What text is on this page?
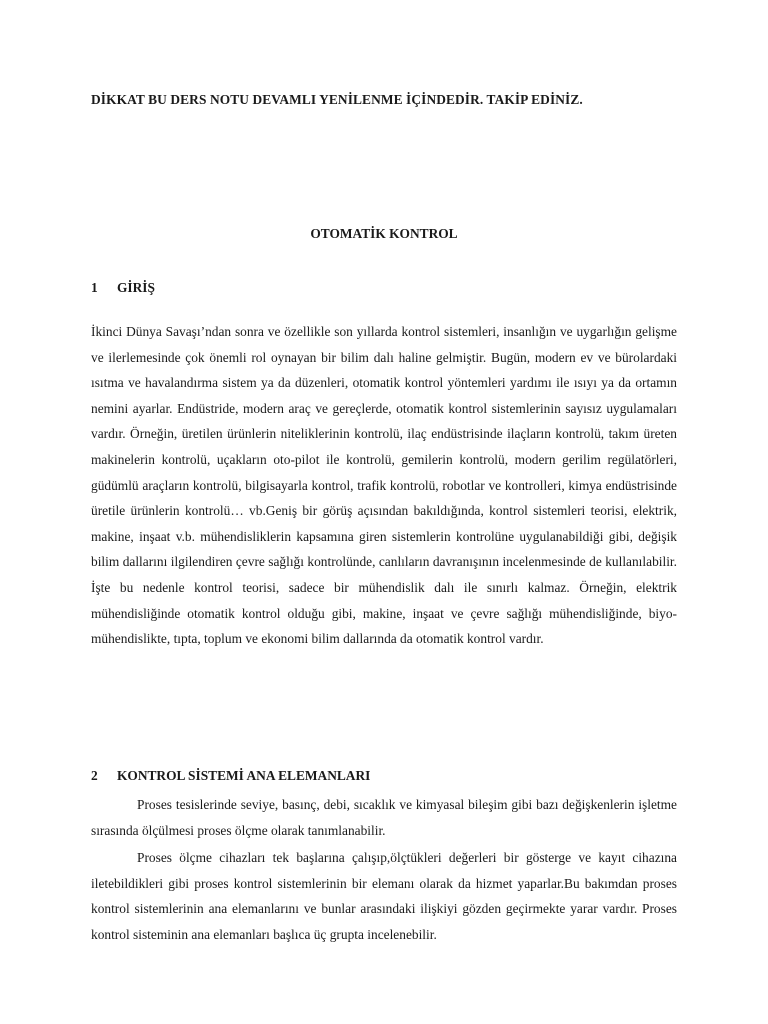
DİKKAT BU DERS NOTU DEVAMLI YENİLENME İÇİNDEDİR. TAKİP EDİNİZ.
OTOMATİK KONTROL
1 GİRİŞ

İkinci Dünya Savaşı’ndan sonra ve özellikle son yıllarda kontrol sistemleri, insanlığın ve uygarlığın gelişme ve ilerlemesinde çok önemli rol oynayan bir bilim dalı haline gelmiştir. Bugün, modern ev ve bürolardaki ısıtma ve havalandırma sistem ya da düzenleri, otomatik kontrol yöntemleri yardımı ile ısıyı ya da ortamın nemini ayarlar. Endüstride, modern araç ve gereçlerde, otomatik kontrol sistemlerinin sayısız uygulamaları vardır. Örneğin, üretilen ürünlerin niteliklerinin kontrolü, ilaç endüstrisinde ilaçların kontrolü, takım üreten makinelerin kontrolü, uçakların oto-pilot ile kontrolü, gemilerin kontrolü, modern gerilim regülatörleri, güdümlü araçların kontrolü, bilgisayarla kontrol, trafik kontrolü, robotlar ve kontrolleri, kimya endüstrisinde üretile ürünlerin kontrolü… vb.Geniş bir görüş açısından bakıldığında, kontrol sistemleri teorisi, elektrik, makine, inşaat v.b. mühendisliklerin kapsamına giren sistemlerin kontrolüne uygulanabildiği gibi, değişik bilim dallarını ilgilendiren çevre sağlığı kontrolünde, canlıların davranışının incelenmesinde de kullanılabilir. İşte bu nedenle kontrol teorisi, sadece bir mühendislik dalı ile sınırlı kalmaz. Örneğin, elektrik mühendisliğinde otomatik kontrol olduğu gibi, makine, inşaat ve çevre sağlığı mühendisliğinde, biyo-mühendislikte, tıpta, toplum ve ekonomi bilim dallarında da otomatik kontrol vardır.

2 KONTROL SİSTEMİ ANA ELEMANLARI

Proses tesislerinde seviye, basınç, debi, sıcaklık ve kimyasal bileşim gibi bazı değişkenlerin işletme sırasında ölçülmesi proses ölçme olarak tanımlanabilir.

Proses ölçme cihazları tek başlarına çalışıp,ölçtükleri değerleri bir gösterge ve kayıt cihazına iletebildikleri gibi proses kontrol sistemlerinin bir elemanı olarak da hizmet yaparlar.Bu bakımdan proses kontrol sistemlerinin ana elemanlarını ve bunlar arasındaki ilişkiyi gözden geçirmekte yarar vardır. Proses kontrol sisteminin ana elemanları başlıca üç grupta incelenebilir.
